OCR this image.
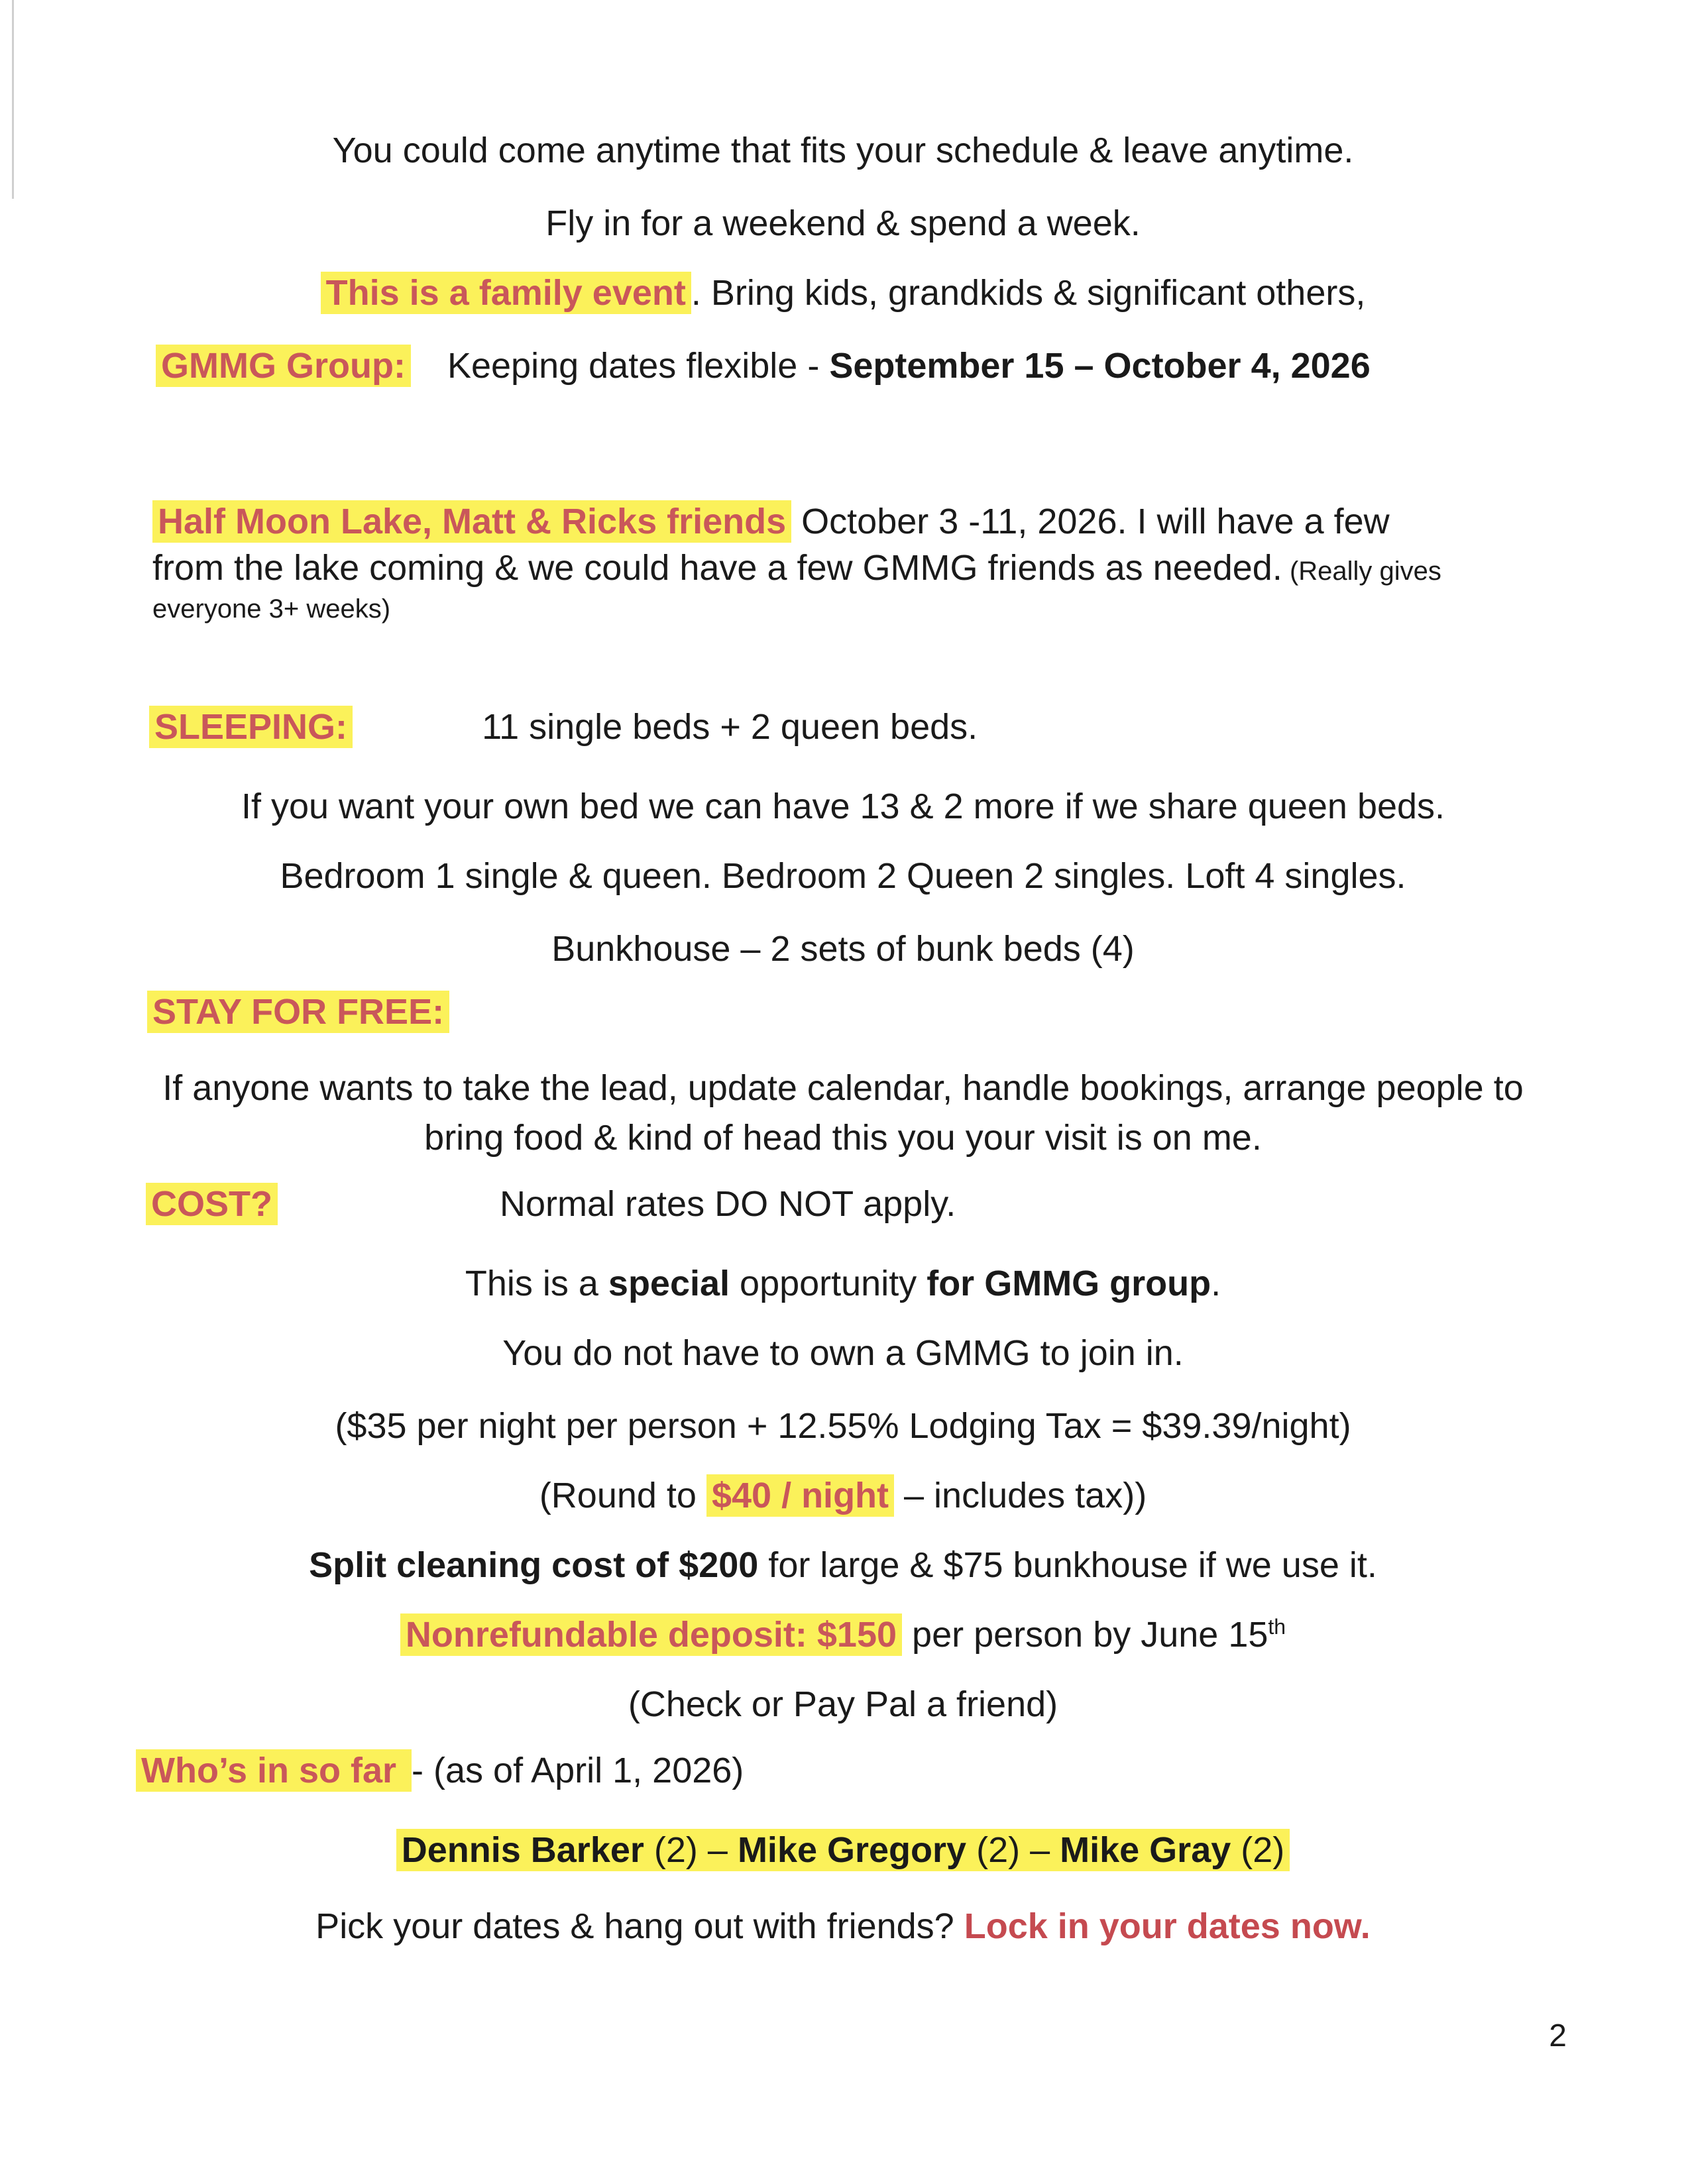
You could come anytime that fits your schedule & leave anytime.
Fly in for a weekend & spend a week.
This is a family event . Bring kids, grandkids & significant others,
GMMG Group: Keeping dates flexible - September 15 – October 4, 2026
Half Moon Lake, Matt & Ricks friends October 3 -11, 2026. I will have a few
from the lake coming & we could have a few GMMG friends as needed. (Really gives
everyone 3+ weeks)
SLEEPING:	11 single beds + 2 queen beds.
If you want your own bed we can have 13 & 2 more if we share queen beds.
Bedroom 1 single & queen. Bedroom 2 Queen 2 singles. Loft 4 singles.
Bunkhouse – 2 sets of bunk beds (4)
STAY FOR FREE:
If anyone wants to take the lead, update calendar, handle bookings, arrange people to
bring food & kind of head this you your visit is on me.
COST?	Normal rates DO NOT apply.
This is a special opportunity for GMMG group.
You do not have to own a GMMG to join in.
($35 per night per person + 12.55% Lodging Tax = $39.39/night)
(Round to $40 / night – includes tax))
Split cleaning cost of $200 for large & $75 bunkhouse if we use it.
Nonrefundable deposit: $150 per person by June 15th
(Check or Pay Pal a friend)
Who’s in so far - (as of April 1, 2026)
Dennis Barker (2) – Mike Gregory (2) – Mike Gray (2)
Pick your dates & hang out with friends? Lock in your dates now.
2
